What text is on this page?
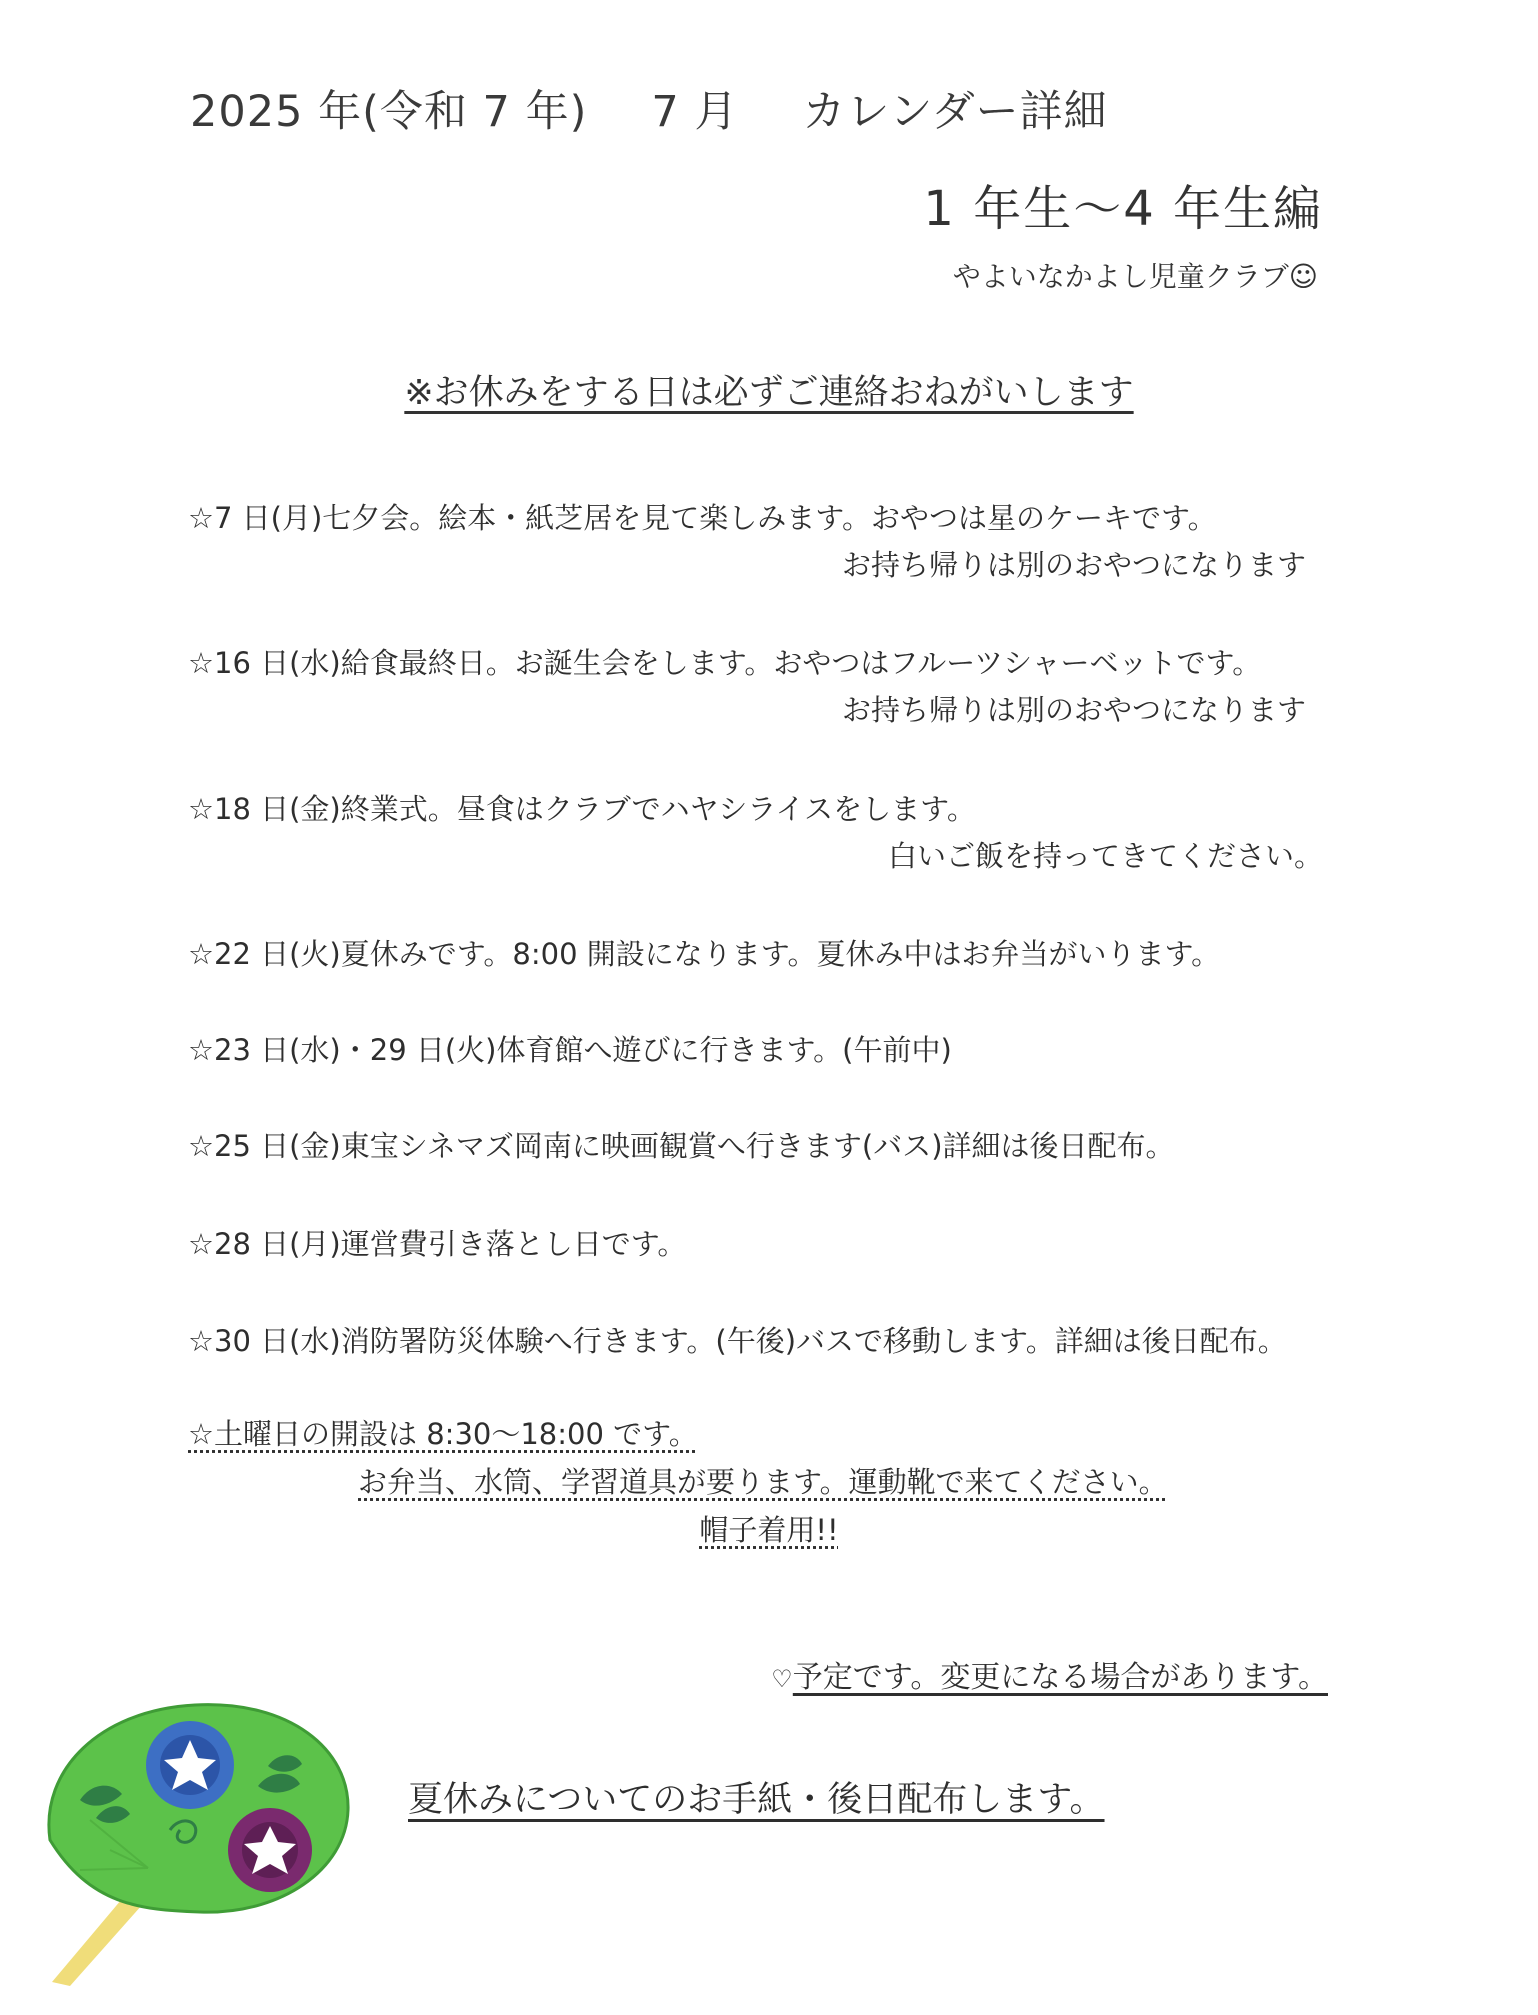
2025 年(令和 7 年) 7 月 カレンダー詳細
1 年生～4 年生編
やよいなかよし児童クラブ☺
※お休みをする日は必ずご連絡おねがいします
☆7 日(月)七夕会。絵本・紙芝居を見て楽しみます。おやつは星のケーキです。
お持ち帰りは別のおやつになります
☆16 日(水)給食最終日。お誕生会をします。おやつはフルーツシャーベットです。
お持ち帰りは別のおやつになります
☆18 日(金)終業式。昼食はクラブでハヤシライスをします。
白いご飯を持ってきてください。
☆22 日(火)夏休みです。8:00 開設になります。夏休み中はお弁当がいります。
☆23 日(水)・29 日(火)体育館へ遊びに行きます。(午前中)
☆25 日(金)東宝シネマズ岡南に映画観賞へ行きます(バス)詳細は後日配布。
☆28 日(月)運営費引き落とし日です。
☆30 日(水)消防署防災体験へ行きます。(午後)バスで移動します。詳細は後日配布。
☆土曜日の開設は 8:30～18:00 です。
お弁当、水筒、学習道具が要ります。運動靴で来てください。
帽子着用!!
♡予定です。変更になる場合があります。
夏休みについてのお手紙・後日配布します。
